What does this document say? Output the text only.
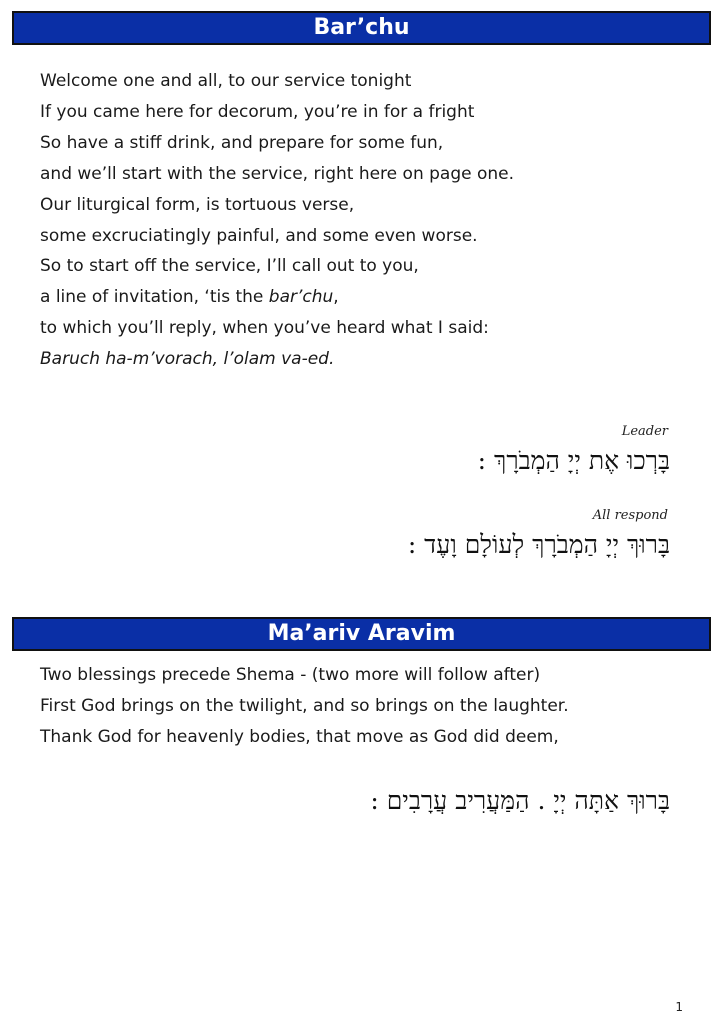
Bar’chu
Welcome one and all, to our service tonight
If you came here for decorum, you’re in for a fright
So have a stiff drink, and prepare for some fun,
and we’ll start with the service, right here on page one.
Our liturgical form, is tortuous verse,
some excruciatingly painful, and some even worse.
So to start off the service, I’ll call out to you,
a line of invitation, ‘tis the bar’chu,
to which you’ll reply, when you’ve heard what I said:
Baruch ha-m’vorach, l’olam va-ed.
Leader
בָּרְכוּ אֶת יְיָ הַמְבֹרָךְ :
All respond
בָּרוּךְ יְיָ הַמְבֹרָךְ לְעוֹלָם וָעֶד :
Ma’ariv Aravim
Two blessings precede Shema - (two more will follow after)
First God brings on the twilight, and so brings on the laughter.
Thank God for heavenly bodies, that move as God did deem,
בָּרוּךְ אַתָּה יְיָ . הַמַּעֲרִיב עֲרָבִים :
1
